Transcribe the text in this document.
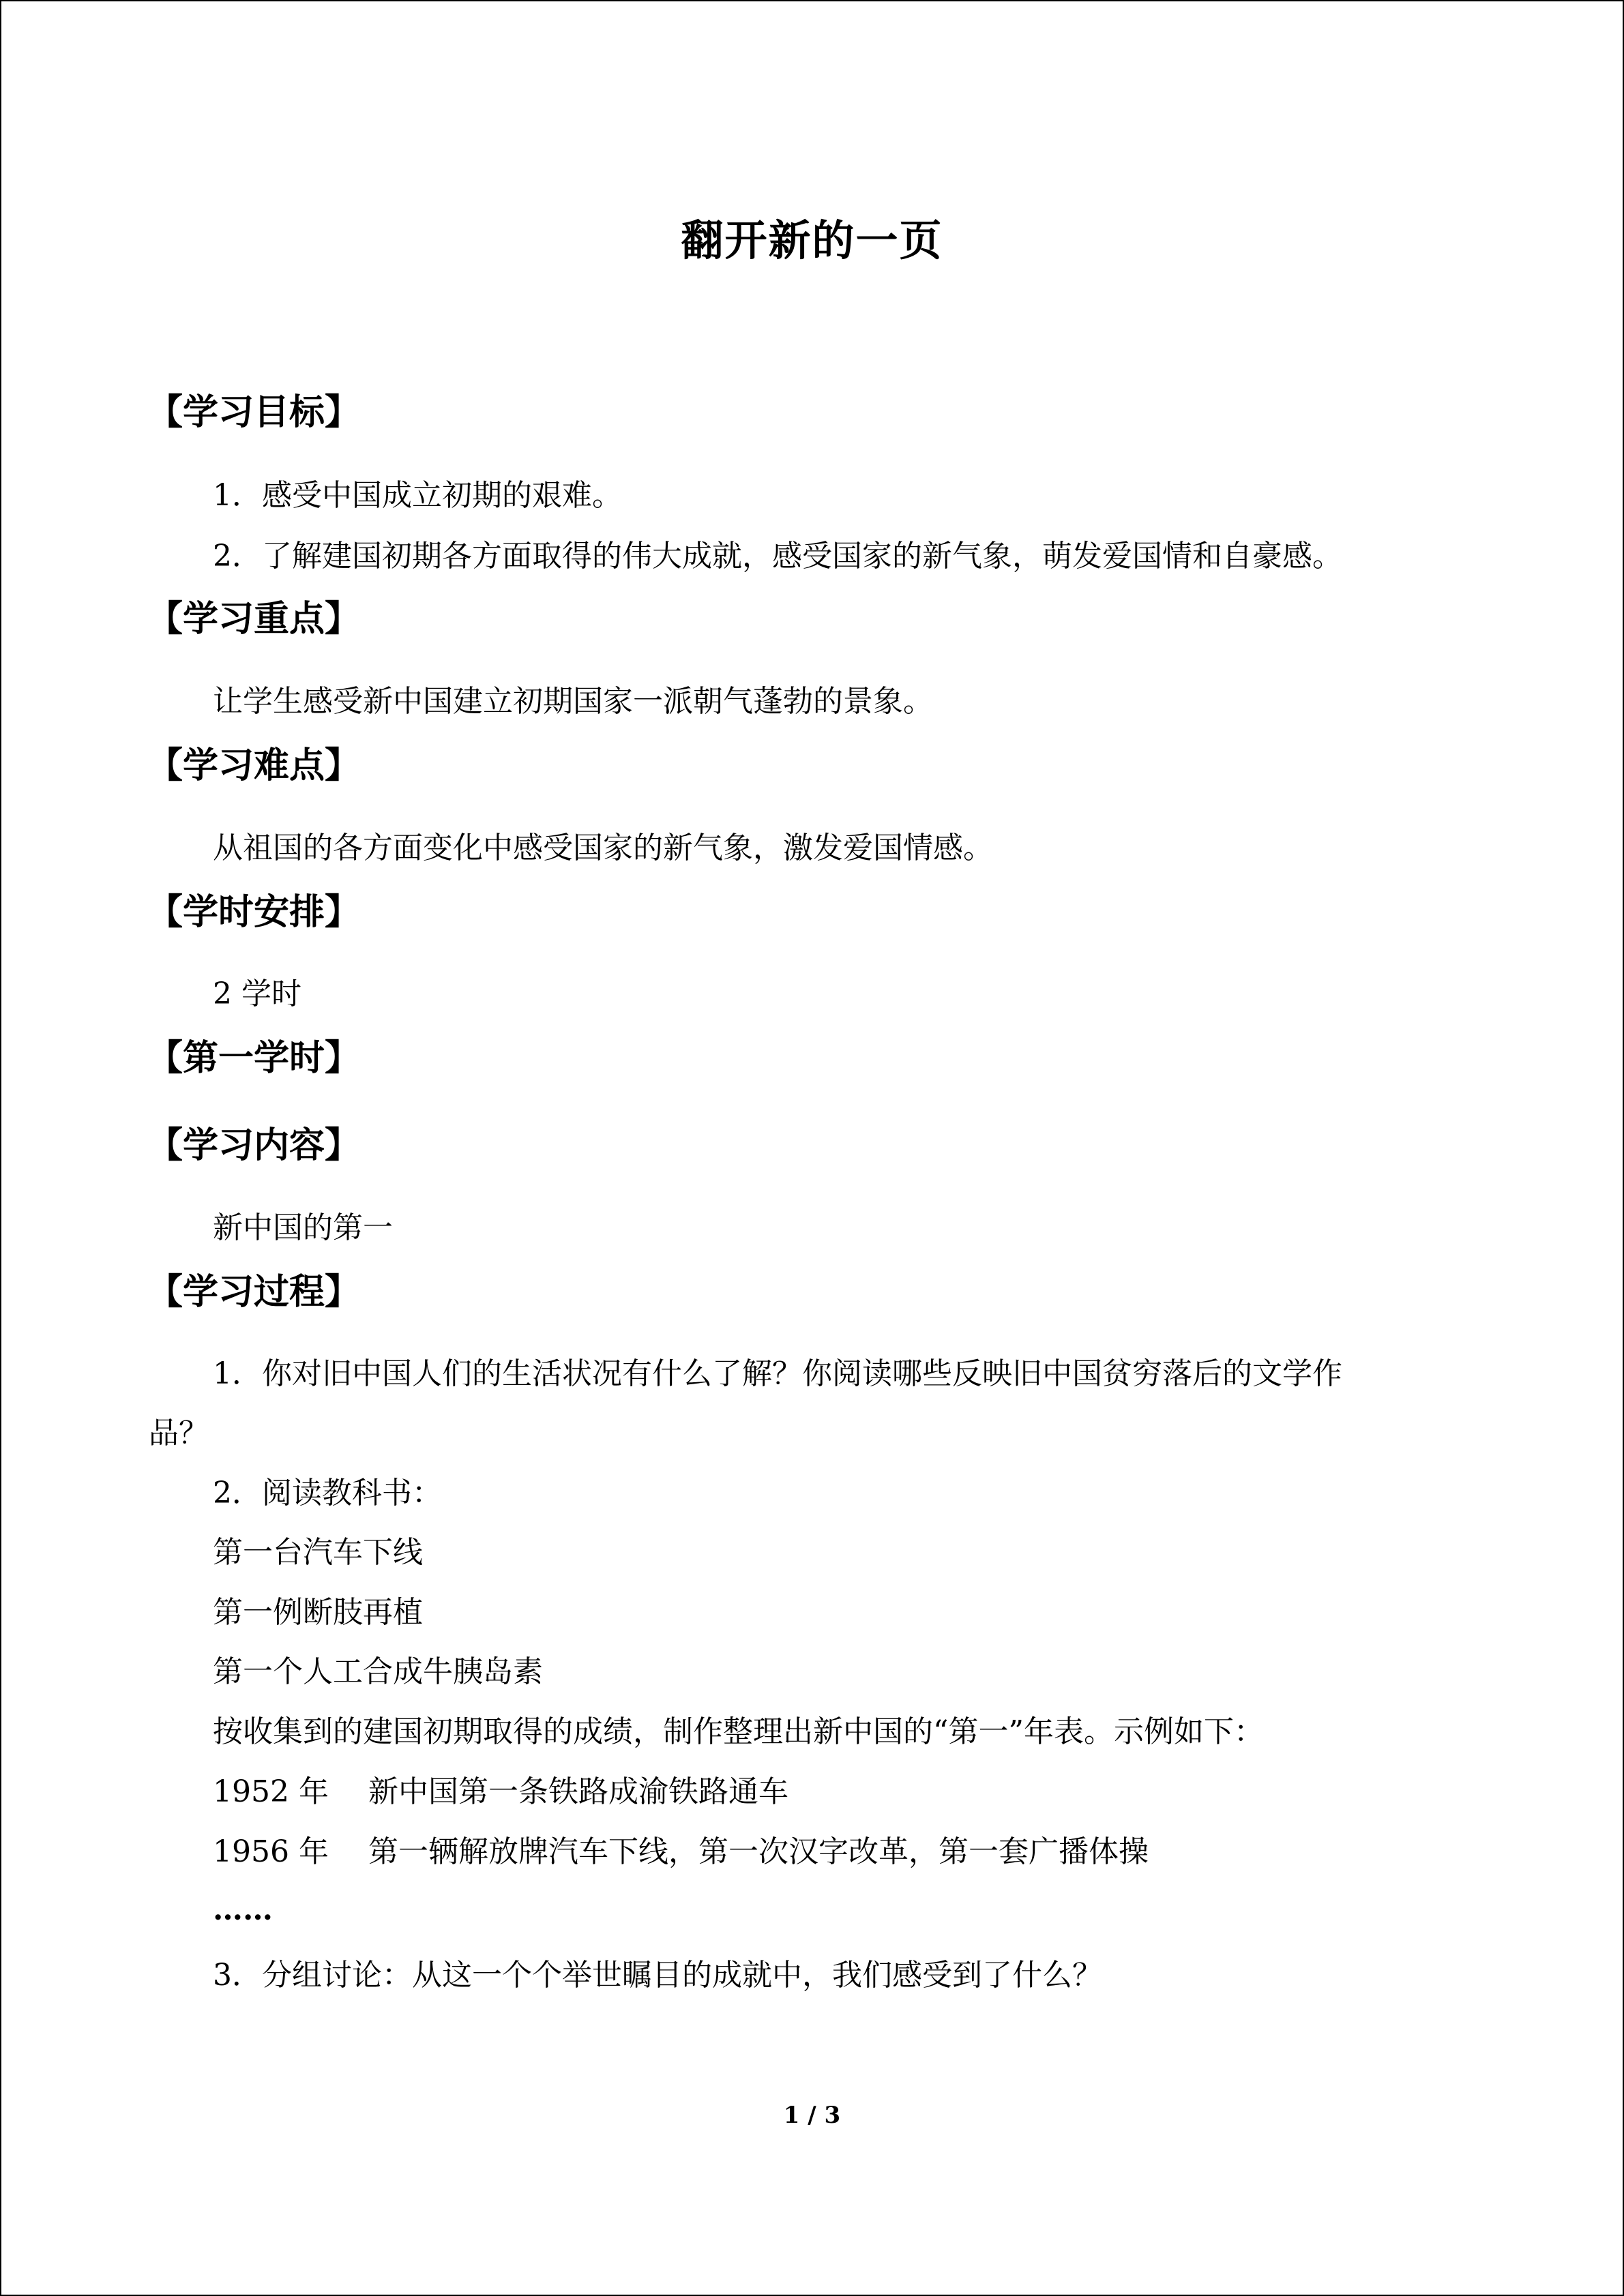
翻开新的一页
【学习目标】
1．感受中国成立初期的艰难。
2．了解建国初期各方面取得的伟大成就，感受国家的新气象，萌发爱国情和自豪感。
【学习重点】
让学生感受新中国建立初期国家一派朝气蓬勃的景象。
【学习难点】
从祖国的各方面变化中感受国家的新气象，激发爱国情感。
【学时安排】
2 学时
【第一学时】
【学习内容】
新中国的第一
【学习过程】
1．你对旧中国人们的生活状况有什么了解？你阅读哪些反映旧中国贫穷落后的文学作
品？
2．阅读教科书：
第一台汽车下线
第一例断肢再植
第一个人工合成牛胰岛素
按收集到的建国初期取得的成绩，制作整理出新中国的“第一”年表。示例如下：
1952 年 新中国第一条铁路成渝铁路通车
1956 年 第一辆解放牌汽车下线，第一次汉字改革，第一套广播体操
……
3．分组讨论：从这一个个举世瞩目的成就中，我们感受到了什么？
1 / 3
